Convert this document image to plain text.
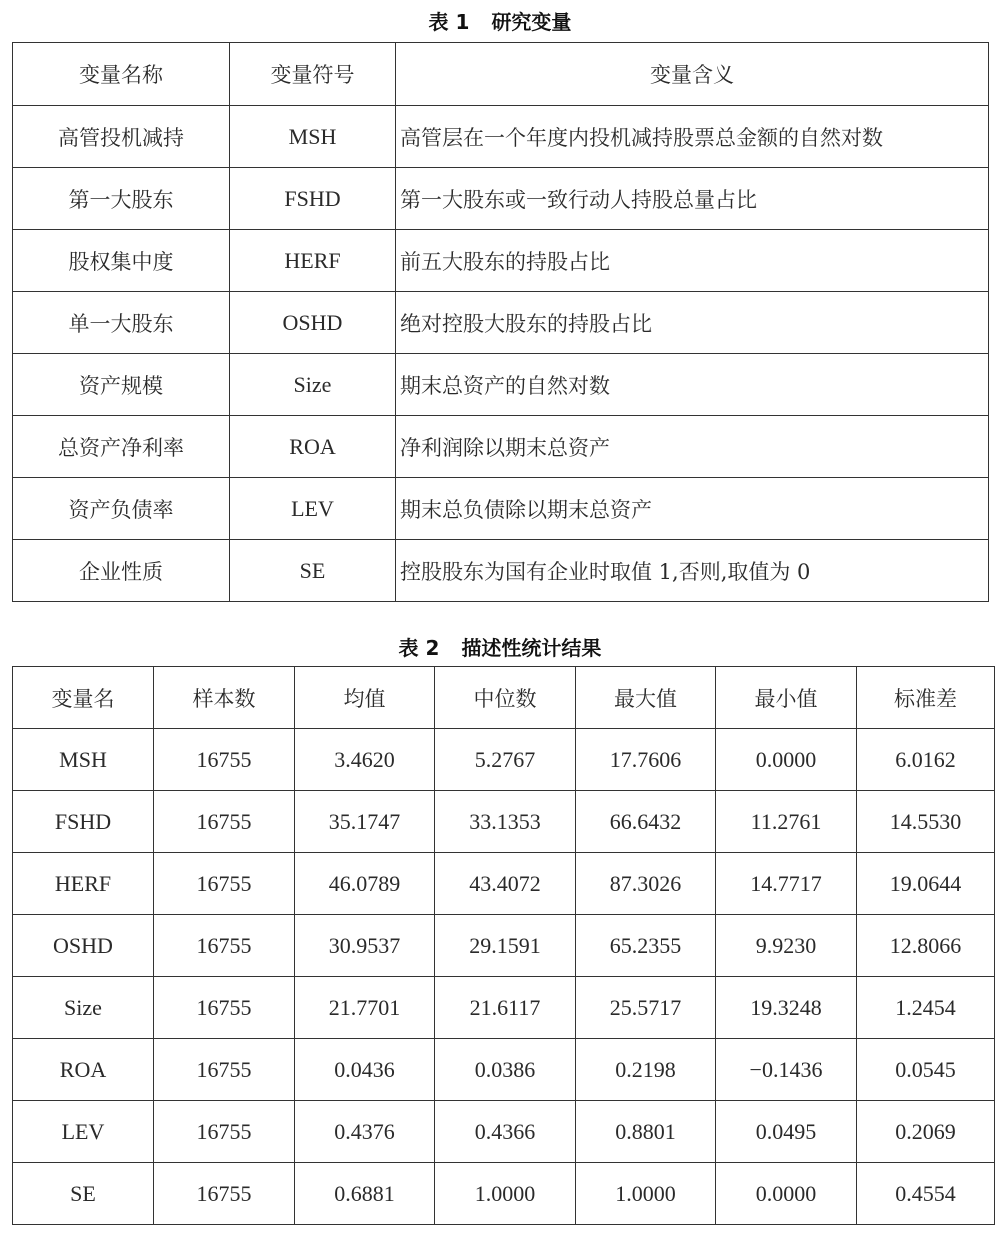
表 1 研究变量
变量名称	变量符号	变量含义
高管投机减持	MSH	高管层在一个年度内投机减持股票总金额的自然对数
第一大股东	FSHD	第一大股东或一致行动人持股总量占比
股权集中度	HERF	前五大股东的持股占比
单一大股东	OSHD	绝对控股大股东的持股占比
资产规模	Size	期末总资产的自然对数
总资产净利率	ROA	净利润除以期末总资产
资产负债率	LEV	期末总负债除以期末总资产
企业性质	SE	控股股东为国有企业时取值 1,否则,取值为 0
表 2 描述性统计结果
变量名	样本数	均值	中位数	最大值	最小值	标准差
MSH	16755	3.4620	5.2767	17.7606	0.0000	6.0162
FSHD	16755	35.1747	33.1353	66.6432	11.2761	14.5530
HERF	16755	46.0789	43.4072	87.3026	14.7717	19.0644
OSHD	16755	30.9537	29.1591	65.2355	9.9230	12.8066
Size	16755	21.7701	21.6117	25.5717	19.3248	1.2454
ROA	16755	0.0436	0.0386	0.2198	−0.1436	0.0545
LEV	16755	0.4376	0.4366	0.8801	0.0495	0.2069
SE	16755	0.6881	1.0000	1.0000	0.0000	0.4554
